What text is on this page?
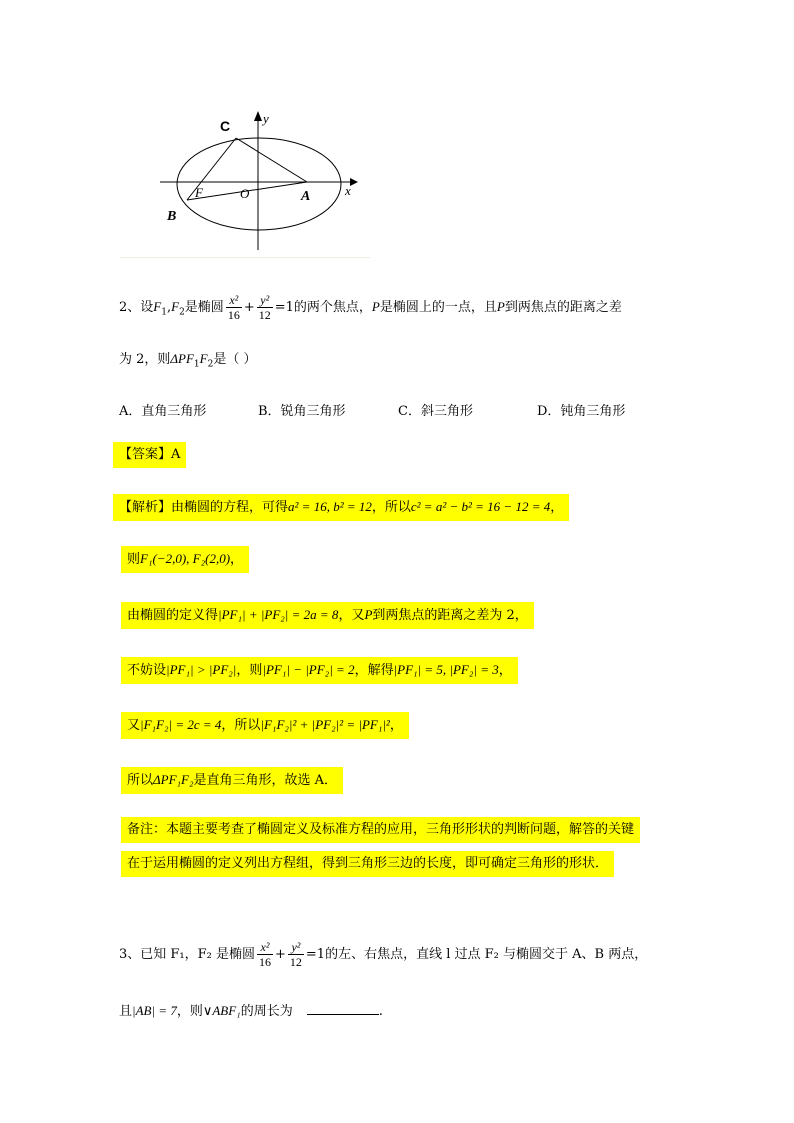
C	y
x
F	O	A
B
2、设$F_1,F_2$是椭圆 $\frac{\text{x²}}{16} + \frac{\text{y²}}{12} =1$的两个焦点，P是椭圆上的一点，且P到两焦点的距离之差
为 2，则$\Delta PF_1F_2$是（ ）
A．直角三角形	B．锐角三角形	C．斜三角形	D．钝角三角形
【答案】A
【解析】由椭圆的方程，可得a² = 16, b² = 12，所以c² = a² − b² = 16 − 12 = 4，
则F₁(−2,0), F₂(2,0)，
由椭圆的定义得|PF₁| + |PF₂| = 2a = 8，又P到两焦点的距离之差为 2，
不妨设|PF₁| > |PF₂|，则|PF₁| − |PF₂| = 2，解得|PF₁| = 5, |PF₂| = 3，
又|F₁F₂| = 2c = 4，所以|F₁F₂|² + |PF₂|² = |PF₁|²，
所以ΔPF₁F₂是直角三角形，故选 A．
备注：本题主要考查了椭圆定义及标准方程的应用，三角形形状的判断问题，解答的关键
在于运用椭圆的定义列出方程组，得到三角形三边的长度，即可确定三角形的形状．
3、已知 F₁，F₂ 是椭圆 $\frac{\text{x²}}{16} + \frac{\text{y²}}{12} =1$的左、右焦点，直线 l 过点 F₂ 与椭圆交于 A、B 两点，
且|AB| = 7，则∨ABF₁的周长为	.
